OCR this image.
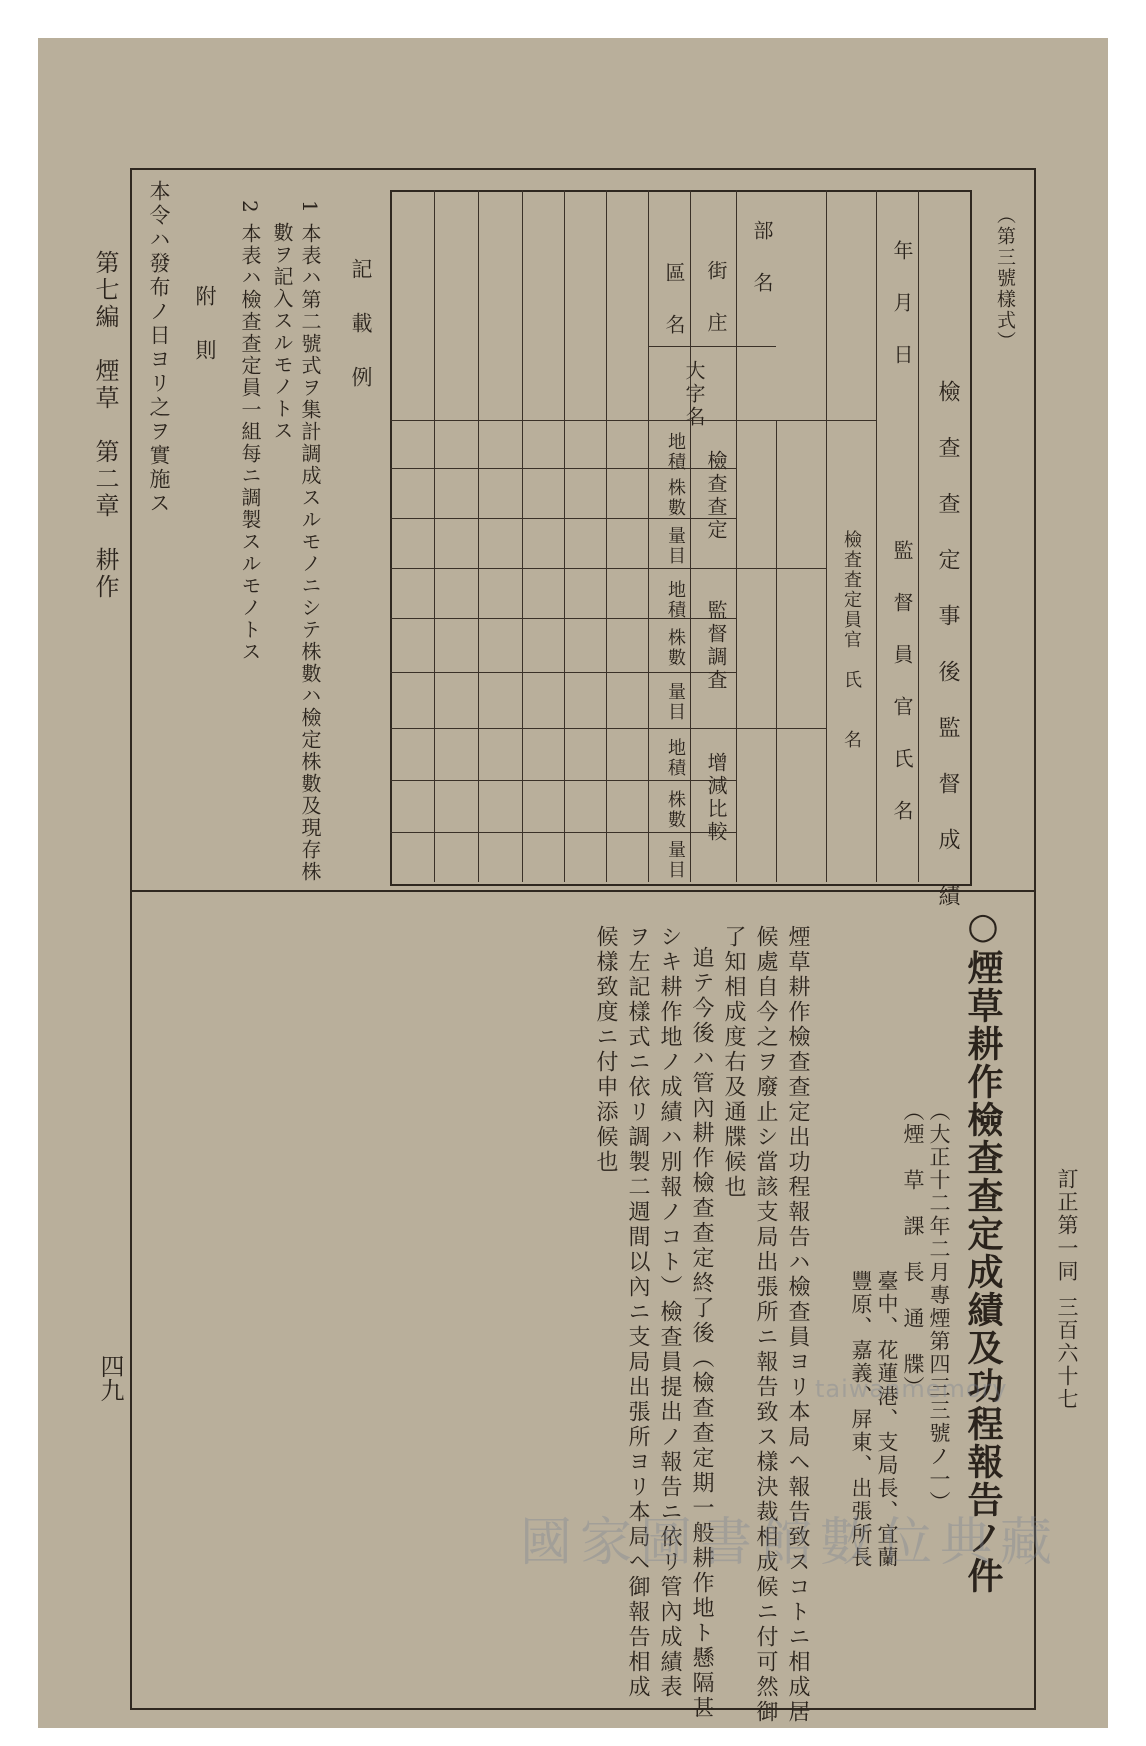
訂正第一同
三百六十七
第七編　煙草　第二章　耕作
四九	○煙草耕作檢查查定成績及功程報告ノ件
（大正十二年二月專煙第四三三號ノ一）
（煙　草　課　長　通　牒）
臺中、花蓮港、支局長、宜蘭
豐原、嘉義、屏東、出張所長
煙草耕作檢查查定出功程報告ハ檢查員ヨリ本局ヘ報告致スコトニ相成居
候處自今之ヲ廢止シ當該支局出張所ニ報告致ス樣決裁相成候ニ付可然御
了知相成度右及通牒候也
追テ今後ハ管內耕作檢查查定終了後（檢查查定期一般耕作地ト懸隔甚
シキ耕作地ノ成績ハ別報ノコト）檢查員提出ノ報告ニ依リ管內成績表
ヲ左記樣式ニ依リ調製二週間以內ニ支局出張所ヨリ本局ヘ御報告相成
候樣致度ニ付申添候也
（第三號樣式）
檢　查　查　定　事　後　監　督　成　績
監　督　員　官　氏　名
年　月　日
檢査査定員官　氏　　名
部　名
街　庄
區　名
大字名
檢查查定
監督調査
增減比較
地積
株數
量目
地積
株數
量目
地積
株數
量目
記　載　例
1 本表ハ第二號式ヲ集計調成スルモノニシテ株數ハ檢定株數及現存株
數ヲ記入スルモノトス
2 本表ハ檢查查定員一組每ニ調製スルモノトス
附　則
本令ハ發布ノ日ヨリ之ヲ實施ス
taiwanmemory
國家圖書館數位典藏
